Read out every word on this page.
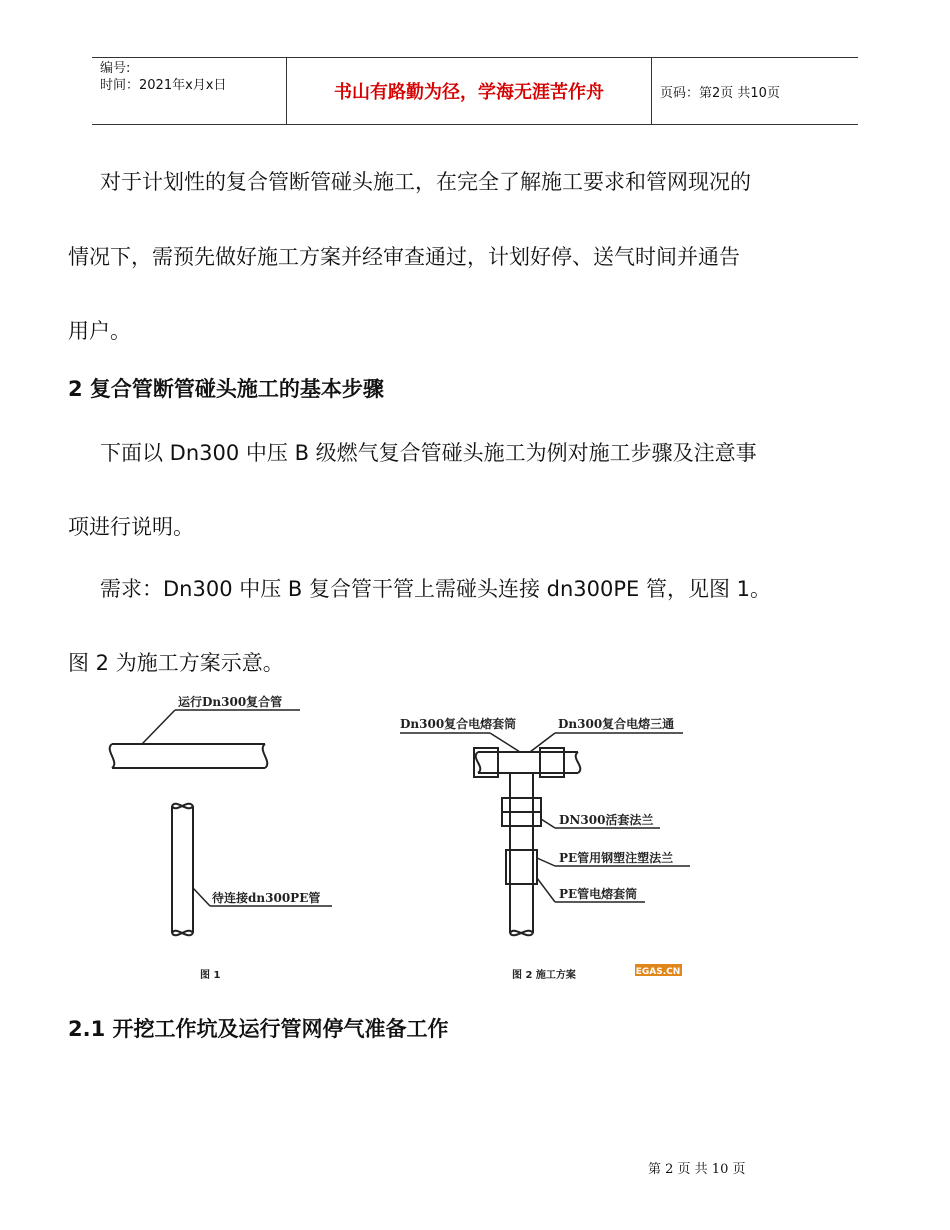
编号:
时间：2021年x月x日	书山有路勤为径，学海无涯苦作舟	页码：第2页 共10页

对于计划性的复合管断管碰头施工，在完全了解施工要求和管网现况的

情况下，需预先做好施工方案并经审查通过，计划好停、送气时间并通告

用户。

2 复合管断管碰头施工的基本步骤

下面以 Dn300 中压 B 级燃气复合管碰头施工为例对施工步骤及注意事

项进行说明。

需求：Dn300 中压 B 复合管干管上需碰头连接 dn300PE 管，见图 1。

图 2 为施工方案示意。

运行Dn300复合管
待连接dn300PE管
图 1
Dn300复合电熔套筒	Dn300复合电熔三通
DN300活套法兰
PE管用钢塑注塑法兰
PE管电熔套筒
图 2 施工方案	EGAS.CN
2.1 开挖工作坑及运行管网停气准备工作
第 2 页 共 10 页
